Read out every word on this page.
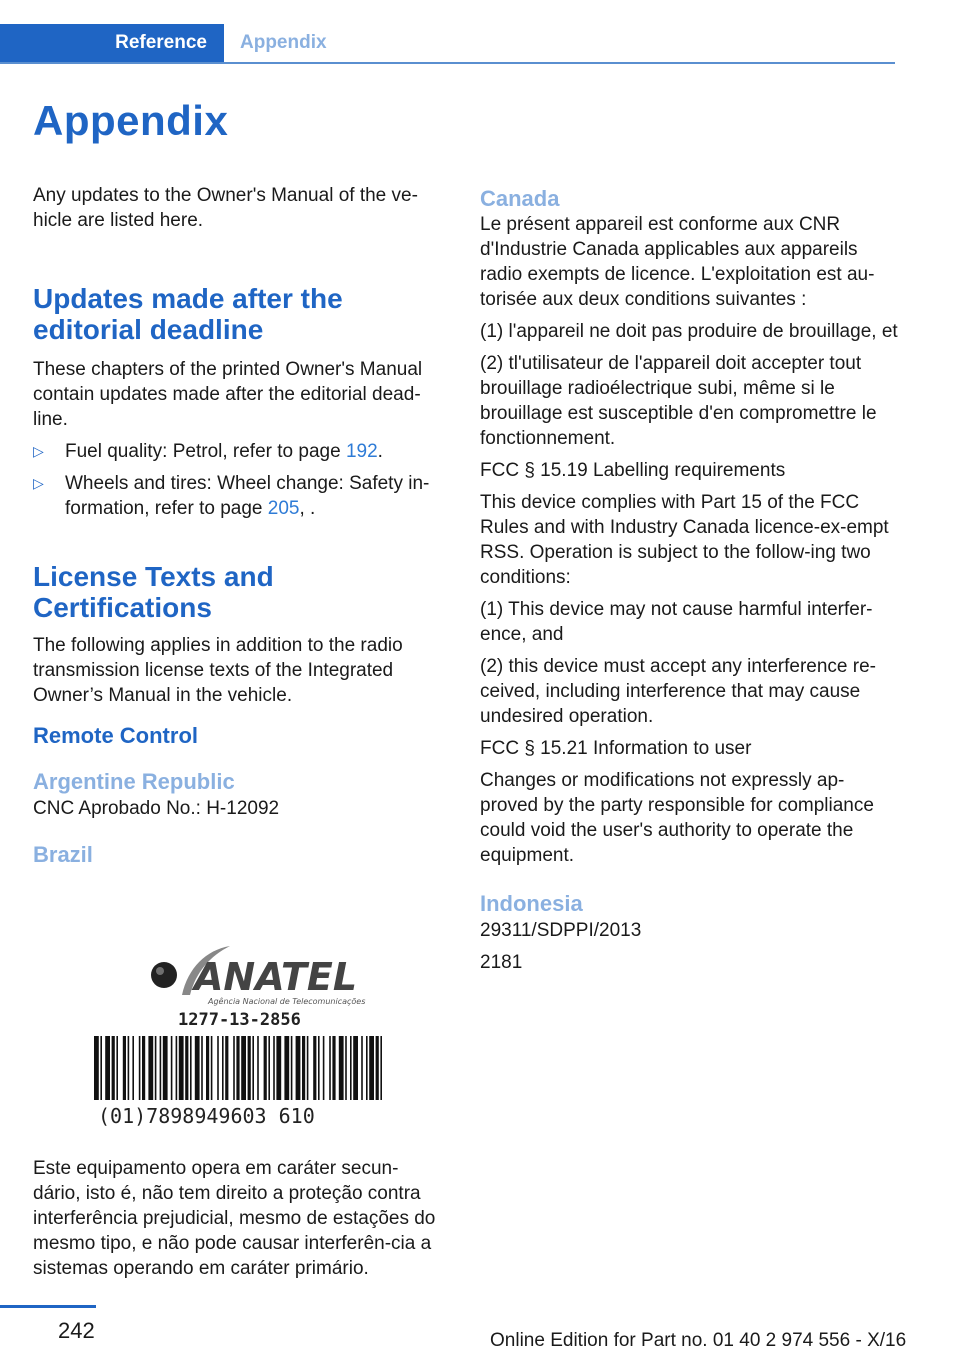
Reference Appendix
Appendix

Any updates to the Owner's Manual of the ve-hicle are listed here.

Updates made after the editorial deadline

These chapters of the printed Owner's Manual contain updates made after the editorial dead-line.

▷ Fuel quality: Petrol, refer to page 192.
▷ Wheels and tires: Wheel change: Safety in-formation, refer to page 205, .
License Texts and Certifications

The following applies in addition to the radio transmission license texts of the Integrated Owner’s Manual in the vehicle.

Remote Control
Argentine Republic

CNC Aprobado No.: H-12092

Brazil
ANATEL
Agência Nacional de Telecomunicações
1277-13-2856
(01)7898949603 610

Este equipamento opera em caráter secun-dário, isto é, não tem direito a proteção contra interferência prejudicial, mesmo de estações do mesmo tipo, e não pode causar interferên-cia a sistemas operando em caráter primário.

Canada

Le présent appareil est conforme aux CNR d'Industrie Canada applicables aux appareils radio exempts de licence. L'exploitation est au-torisée aux deux conditions suivantes :

(1) l'appareil ne doit pas produire de brouillage, et

(2) tl'utilisateur de l'appareil doit accepter tout brouillage radioélectrique subi, même si le brouillage est susceptible d'en compromettre le fonctionnement.

FCC § 15.19 Labelling requirements

This device complies with Part 15 of the FCC Rules and with Industry Canada licence-ex-empt RSS. Operation is subject to the follow-ing two conditions:

(1) This device may not cause harmful interfer-ence, and

(2) this device must accept any interference re-ceived, including interference that may cause undesired operation.

FCC § 15.21 Information to user

Changes or modifications not expressly ap-proved by the party responsible for compliance could void the user's authority to operate the equipment.

Indonesia

29311/SDPPI/2013

2181

242	Online Edition for Part no. 01 40 2 974 556 - X/16
